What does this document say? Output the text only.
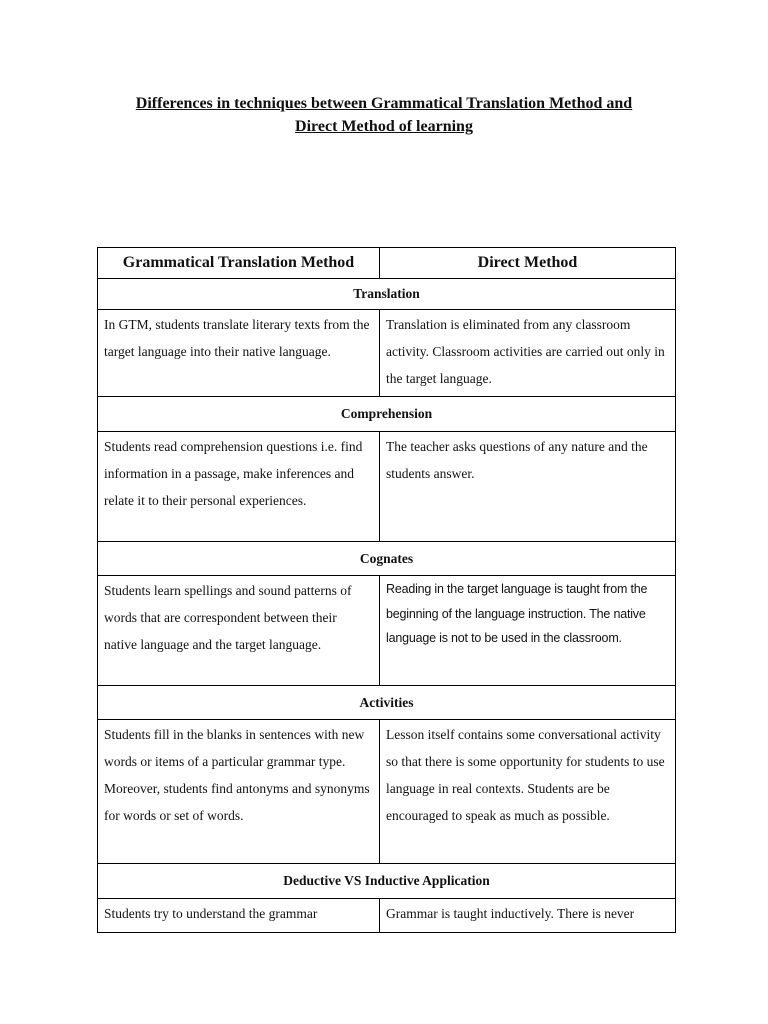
Differences in techniques between Grammatical Translation Method and
Direct Method of learning
Grammatical Translation Method	Direct Method
Translation	
In GTM, students translate literary texts from the target language into their native language.	Translation is eliminated from any classroom activity. Classroom activities are carried out only in the target language.
Comprehension	
Students read comprehension questions i.e. find information in a passage, make inferences and relate it to their personal experiences.	The teacher asks questions of any nature and the students answer.
Cognates	
Students learn spellings and sound patterns of words that are correspondent between their native language and the target language.	Reading in the target language is taught from the beginning of the language instruction. The native language is not to be used in the classroom.
Activities	
Students fill in the blanks in sentences with new words or items of a particular grammar type. Moreover, students find antonyms and synonyms for words or set of words.	Lesson itself contains some conversational activity so that there is some opportunity for students to use language in real contexts. Students are be encouraged to speak as much as possible.
Deductive VS Inductive Application	
Students try to understand the grammar	Grammar is taught inductively. There is never
